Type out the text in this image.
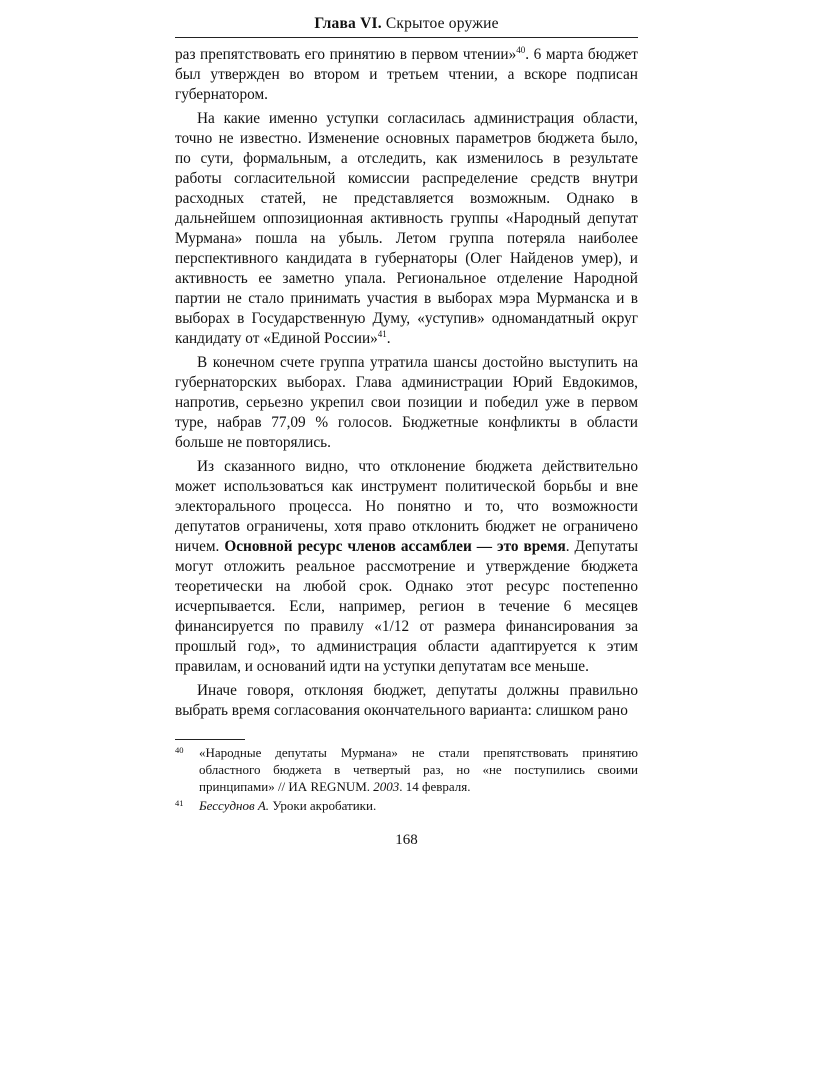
Глава VI. Скрытое оружие

раз препятствовать его принятию в первом чтении»$^{40}$. 6 марта бюджет был утвержден во втором и третьем чтении, а вскоре подписан губернатором.

На какие именно уступки согласилась администрация области, точно не известно. Изменение основных параметров бюджета было, по сути, формальным, а отследить, как изменилось в результате работы согласительной комиссии распределение средств внутри расходных статей, не представляется возможным. Однако в дальнейшем оппозиционная активность группы «Народный депутат Мурмана» пошла на убыль. Летом группа потеряла наиболее перспективного кандидата в губернаторы (Олег Найденов умер), и активность ее заметно упала. Региональное отделение Народной партии не стало принимать участия в выборах мэра Мурманска и в выборах в Государственную Думу, «уступив» одномандатный округ кандидату от «Единой России»$^{41}$.

В конечном счете группа утратила шансы достойно выступить на губернаторских выборах. Глава администрации Юрий Евдокимов, напротив, серьезно укрепил свои позиции и победил уже в первом туре, набрав 77,09 % голосов. Бюджетные конфликты в области больше не повторялись.

Из сказанного видно, что отклонение бюджета действительно может использоваться как инструмент политической борьбы и вне электорального процесса. Но понятно и то, что возможности депутатов ограничены, хотя право отклонить бюджет не ограничено ничем. Основной ресурс членов ассамблеи — это время. Депутаты могут отложить реальное рассмотрение и утверждение бюджета теоретически на любой срок. Однако этот ресурс постепенно исчерпывается. Если, например, регион в течение 6 месяцев финансируется по правилу «1/12 от размера финансирования за прошлый год», то администрация области адаптируется к этим правилам, и оснований идти на уступки депутатам все меньше.

Иначе говоря, отклоняя бюджет, депутаты должны правильно выбрать время согласования окончательного варианта: слишком рано

40	«Народные депутаты Мурмана» не стали препятствовать принятию областного бюджета в четвертый раз, но «не поступились своими принципами» // ИА REGNUM. 2003. 14 февраля.
41	Бессуднов А. Уроки акробатики.
168
